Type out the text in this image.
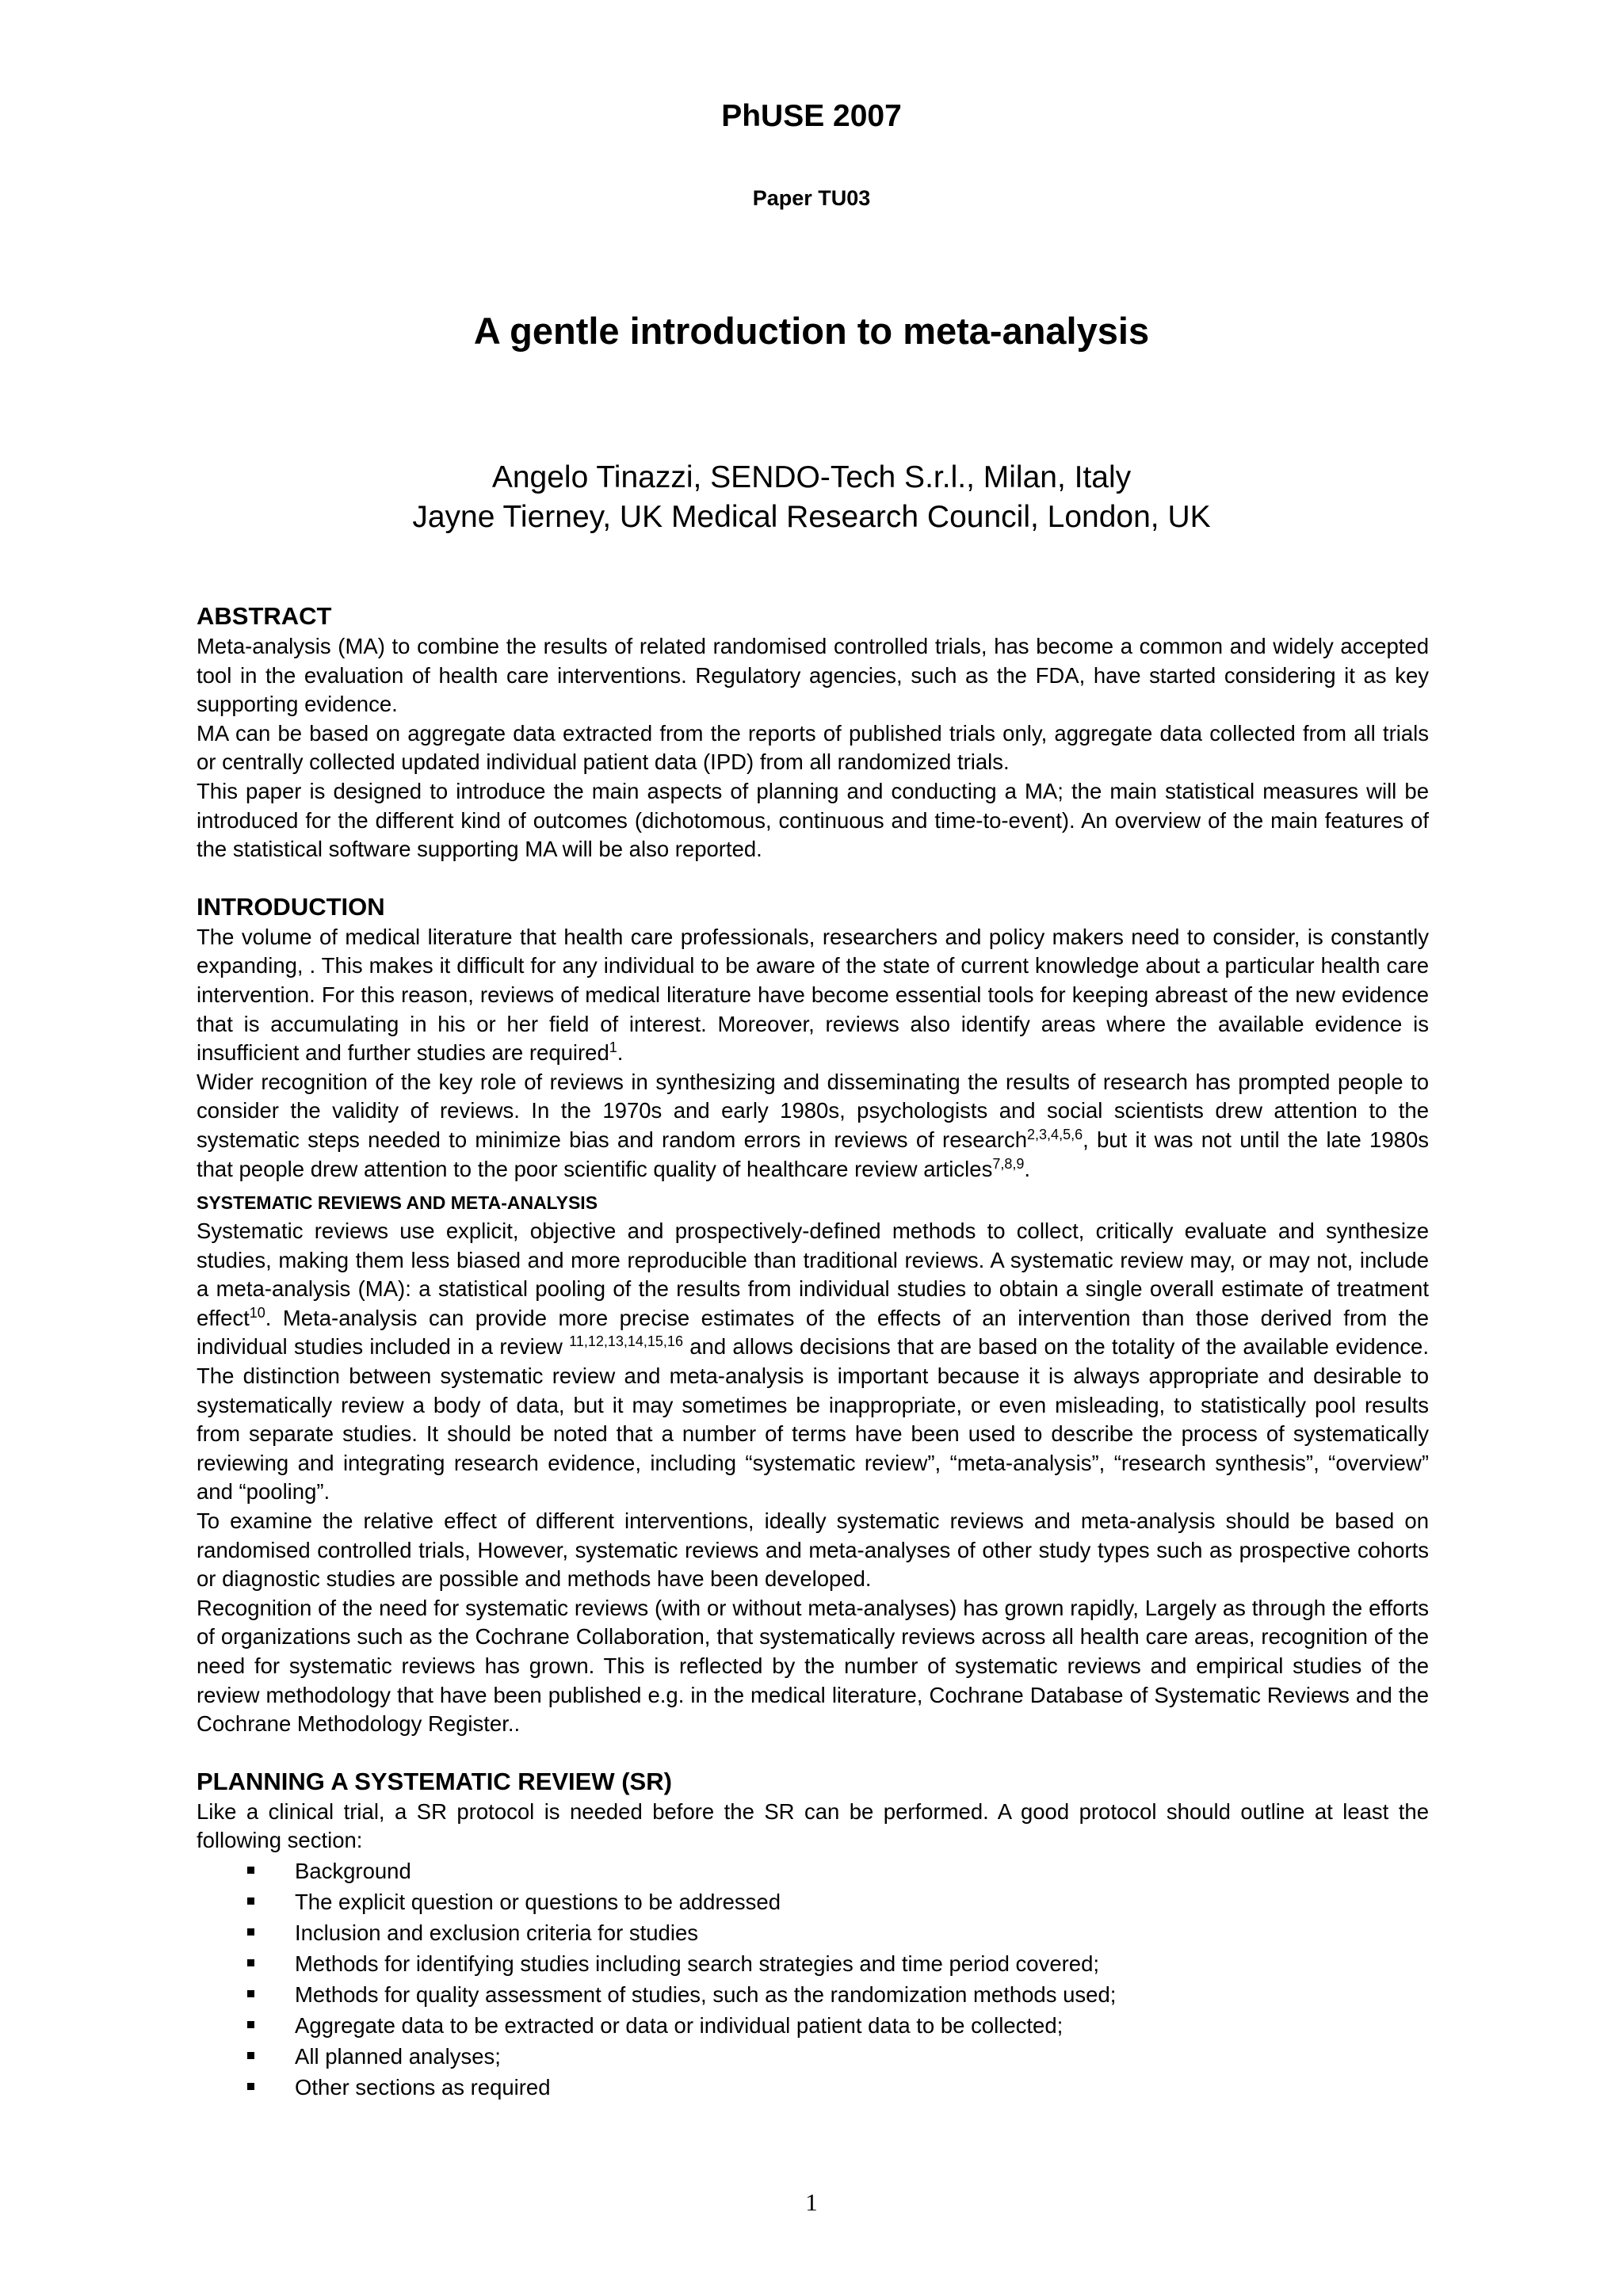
PhUSE 2007
Paper TU03
A gentle introduction to meta-analysis
Angelo Tinazzi, SENDO-Tech S.r.l., Milan, Italy
Jayne Tierney, UK Medical Research Council, London, UK
ABSTRACT

Meta-analysis (MA) to combine the results of related randomised controlled trials, has become a common and widely accepted tool in the evaluation of health care interventions. Regulatory agencies, such as the FDA, have started considering it as key supporting evidence.

MA can be based on aggregate data extracted from the reports of published trials only, aggregate data collected from all trials or centrally collected updated individual patient data (IPD) from all randomized trials.

This paper is designed to introduce the main aspects of planning and conducting a MA; the main statistical measures will be introduced for the different kind of outcomes (dichotomous, continuous and time-to-event). An overview of the main features of the statistical software supporting MA will be also reported.

INTRODUCTION

The volume of medical literature that health care professionals, researchers and policy makers need to consider, is constantly expanding, . This makes it difficult for any individual to be aware of the state of current knowledge about a particular health care intervention. For this reason, reviews of medical literature have become essential tools for keeping abreast of the new evidence that is accumulating in his or her field of interest. Moreover, reviews also identify areas where the available evidence is insufficient and further studies are required$^1$.

Wider recognition of the key role of reviews in synthesizing and disseminating the results of research has prompted people to consider the validity of reviews. In the 1970s and early 1980s, psychologists and social scientists drew attention to the systematic steps needed to minimize bias and random errors in reviews of research$^{2,3,4,5,6}$, but it was not until the late 1980s that people drew attention to the poor scientific quality of healthcare review articles$^{7,8,9}$.

SYSTEMATIC REVIEWS AND META-ANALYSIS

Systematic reviews use explicit, objective and prospectively-defined methods to collect, critically evaluate and synthesize studies, making them less biased and more reproducible than traditional reviews. A systematic review may, or may not, include a meta-analysis (MA): a statistical pooling of the results from individual studies to obtain a single overall estimate of treatment effect$^{10}$. Meta-analysis can provide more precise estimates of the effects of an intervention than those derived from the individual studies included in a review $^{11,12,13,14,15,16}$ and allows decisions that are based on the totality of the available evidence. The distinction between systematic review and meta-analysis is important because it is always appropriate and desirable to systematically review a body of data, but it may sometimes be inappropriate, or even misleading, to statistically pool results from separate studies. It should be noted that a number of terms have been used to describe the process of systematically reviewing and integrating research evidence, including “systematic review”, “meta-analysis”, “research synthesis”, “overview” and “pooling”.

To examine the relative effect of different interventions, ideally systematic reviews and meta-analysis should be based on randomised controlled trials, However, systematic reviews and meta-analyses of other study types such as prospective cohorts or diagnostic studies are possible and methods have been developed.

Recognition of the need for systematic reviews (with or without meta-analyses) has grown rapidly, Largely as through the efforts of organizations such as the Cochrane Collaboration, that systematically reviews across all health care areas, recognition of the need for systematic reviews has grown. This is reflected by the number of systematic reviews and empirical studies of the review methodology that have been published e.g. in the medical literature, Cochrane Database of Systematic Reviews and the Cochrane Methodology Register..

PLANNING A SYSTEMATIC REVIEW (SR)

Like a clinical trial, a SR protocol is needed before the SR can be performed. A good protocol should outline at least the following section:

Background
The explicit question or questions to be addressed
Inclusion and exclusion criteria for studies
Methods for identifying studies including search strategies and time period covered;
Methods for quality assessment of studies, such as the randomization methods used;
Aggregate data to be extracted or data or individual patient data to be collected;
All planned analyses;
Other sections as required
1
